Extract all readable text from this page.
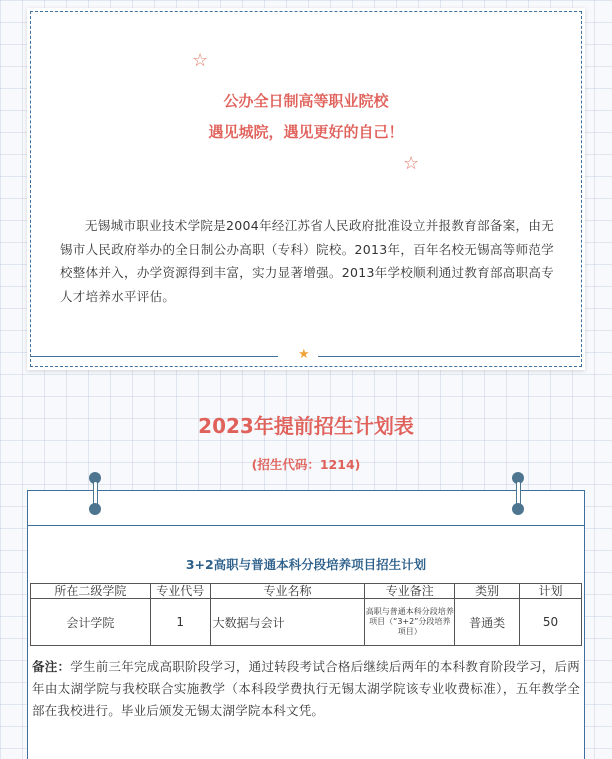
☆
公办全日制高等职业院校
遇见城院，遇见更好的自己！
☆
无锡城市职业技术学院是2004年经江苏省人民政府批准设立并报教育部备案，由无锡市人民政府举办的全日制公办高职（专科）院校。2013年，百年名校无锡高等师范学校整体并入，办学资源得到丰富，实力显著增强。2013年学校顺利通过教育部高职高专人才培养水平评估。
★
2023年提前招生计划表
(招生代码：1214)
3+2高职与普通本科分段培养项目招生计划
所在二级学院	专业代号	专业名称	专业备注	类别	计划
会计学院	1	大数据与会计	高职与普通本科分段培养项目（“3+2”分段培养项目）	普通类	50
备注：学生前三年完成高职阶段学习，通过转段考试合格后继续后两年的本科教育阶段学习，后两年由太湖学院与我校联合实施教学（本科段学费执行无锡太湖学院该专业收费标准），五年教学全部在我校进行。毕业后颁发无锡太湖学院本科文凭。
